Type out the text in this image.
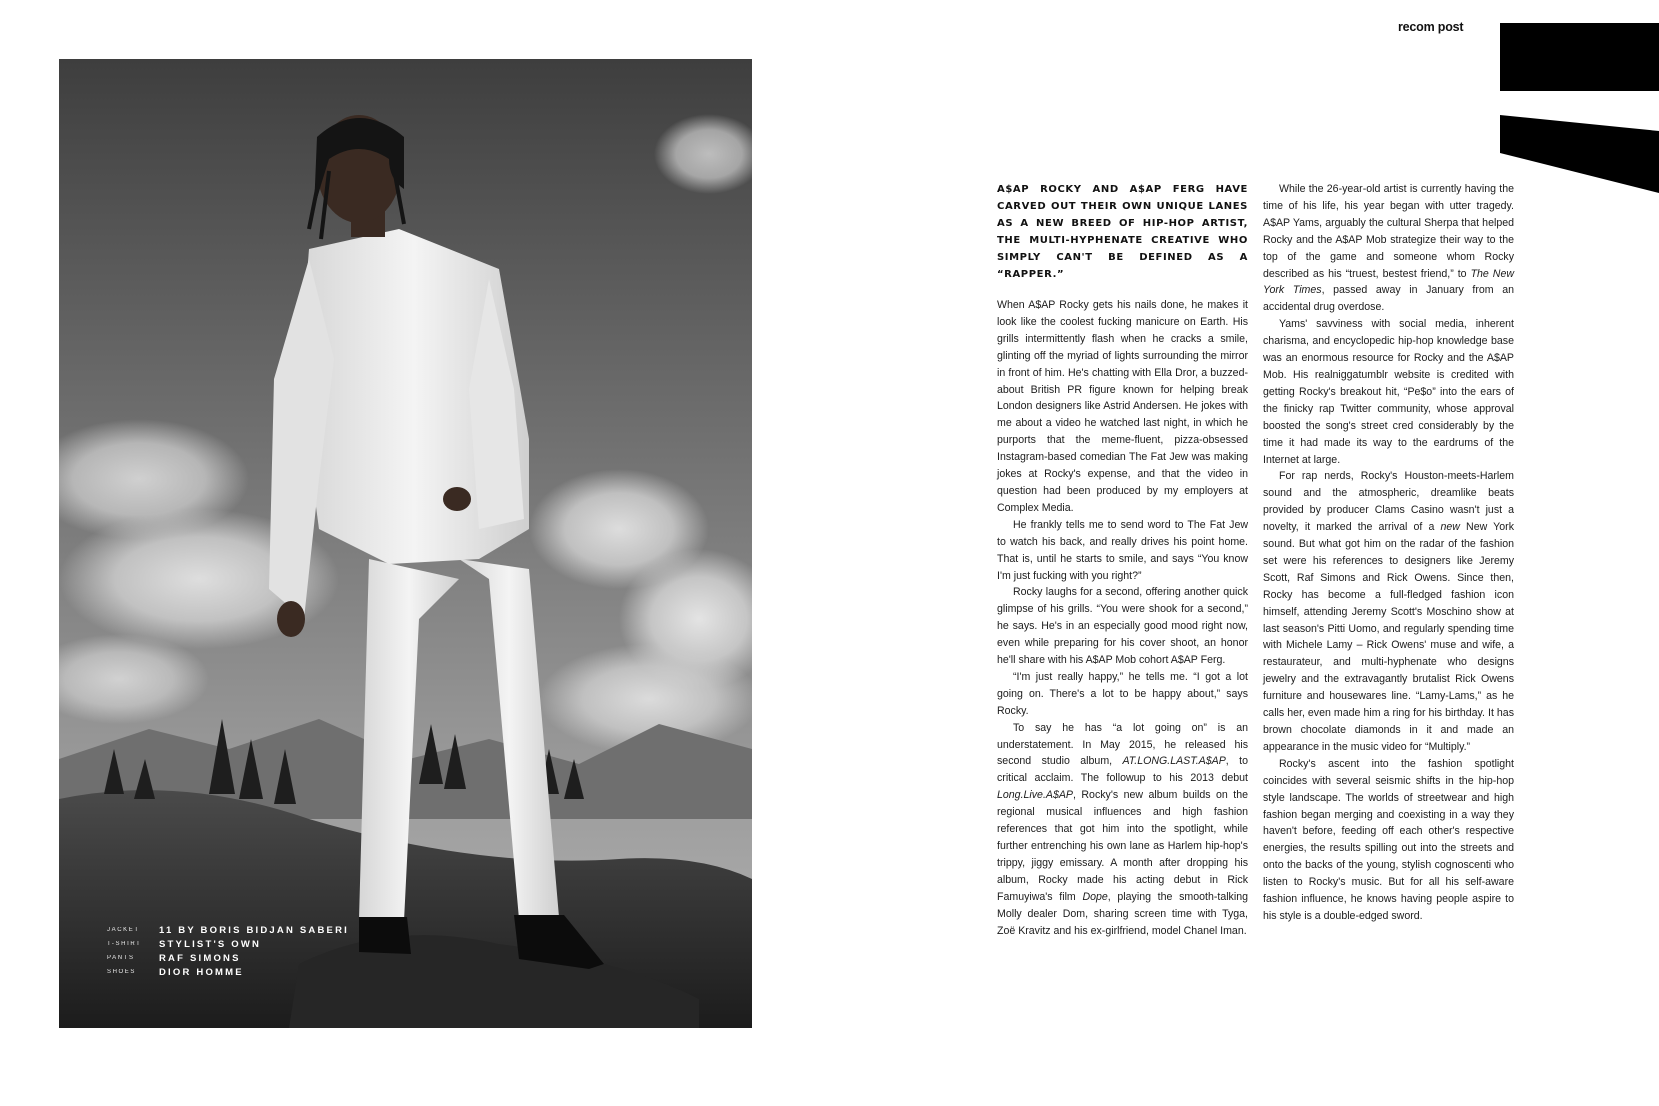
JACKET	11 BY BORIS BIDJAN SABERI
T-SHIRT	STYLIST'S OWN
PANTS	RAF SIMONS
SHOES	DIOR HOMME
recom post
A$AP ROCKY AND A$AP FERG HAVE CARVED OUT THEIR OWN UNIQUE LANES AS A NEW BREED OF HIP-HOP ARTIST, THE MULTI-HYPHENATE CREATIVE WHO SIMPLY CAN'T BE DEFINED AS A “RAPPER.”

When A$AP Rocky gets his nails done, he makes it look like the coolest fucking manicure on Earth. His grills intermittently flash when he cracks a smile, glinting off the myriad of lights surrounding the mirror in front of him. He's chatting with Ella Dror, a buzzed-about British PR figure known for helping break London designers like Astrid Andersen. He jokes with me about a video he watched last night, in which he purports that the meme-fluent, pizza-obsessed Instagram-based comedian The Fat Jew was making jokes at Rocky's expense, and that the video in question had been produced by my employers at Complex Media.

He frankly tells me to send word to The Fat Jew to watch his back, and really drives his point home. That is, until he starts to smile, and says “You know I'm just fucking with you right?”

Rocky laughs for a second, offering another quick glimpse of his grills. “You were shook for a second,” he says. He's in an especially good mood right now, even while preparing for his cover shoot, an honor he'll share with his A$AP Mob cohort A$AP Ferg.

“I'm just really happy,” he tells me. “I got a lot going on. There's a lot to be happy about,” says Rocky.

To say he has “a lot going on” is an understatement. In May 2015, he released his second studio album, AT.LONG.LAST.A$AP, to critical acclaim. The followup to his 2013 debut Long.Live.A$AP, Rocky's new album builds on the regional musical influences and high fashion references that got him into the spotlight, while further entrenching his own lane as Harlem hip-hop's trippy, jiggy emissary. A month after dropping his album, Rocky made his acting debut in Rick Famuyiwa's film Dope, playing the smooth-talking Molly dealer Dom, sharing screen time with Tyga, Zoë Kravitz and his ex-girlfriend, model Chanel Iman.

While the 26-year-old artist is currently having the time of his life, his year began with utter tragedy. A$AP Yams, arguably the cultural Sherpa that helped Rocky and the A$AP Mob strategize their way to the top of the game and someone whom Rocky described as his “truest, bestest friend,” to The New York Times, passed away in January from an accidental drug overdose.

Yams' savviness with social media, inherent charisma, and encyclopedic hip-hop knowledge base was an enormous resource for Rocky and the A$AP Mob. His realniggatumblr website is credited with getting Rocky's breakout hit, “Pe$o” into the ears of the finicky rap Twitter community, whose approval boosted the song's street cred considerably by the time it had made its way to the eardrums of the Internet at large.

For rap nerds, Rocky's Houston-meets-Harlem sound and the atmospheric, dreamlike beats provided by producer Clams Casino wasn't just a novelty, it marked the arrival of a new New York sound. But what got him on the radar of the fashion set were his references to designers like Jeremy Scott, Raf Simons and Rick Owens. Since then, Rocky has become a full-fledged fashion icon himself, attending Jeremy Scott's Moschino show at last season's Pitti Uomo, and regularly spending time with Michele Lamy – Rick Owens' muse and wife, a restaurateur, and multi-hyphenate who designs jewelry and the extravagantly brutalist Rick Owens furniture and housewares line. “Lamy-Lams,” as he calls her, even made him a ring for his birthday. It has brown chocolate diamonds in it and made an appearance in the music video for “Multiply.”

Rocky's ascent into the fashion spotlight coincides with several seismic shifts in the hip-hop style landscape. The worlds of streetwear and high fashion began merging and coexisting in a way they haven't before, feeding off each other's respective energies, the results spilling out into the streets and onto the backs of the young, stylish cognoscenti who listen to Rocky's music. But for all his self-aware fashion influence, he knows having people aspire to his style is a double-edged sword.
